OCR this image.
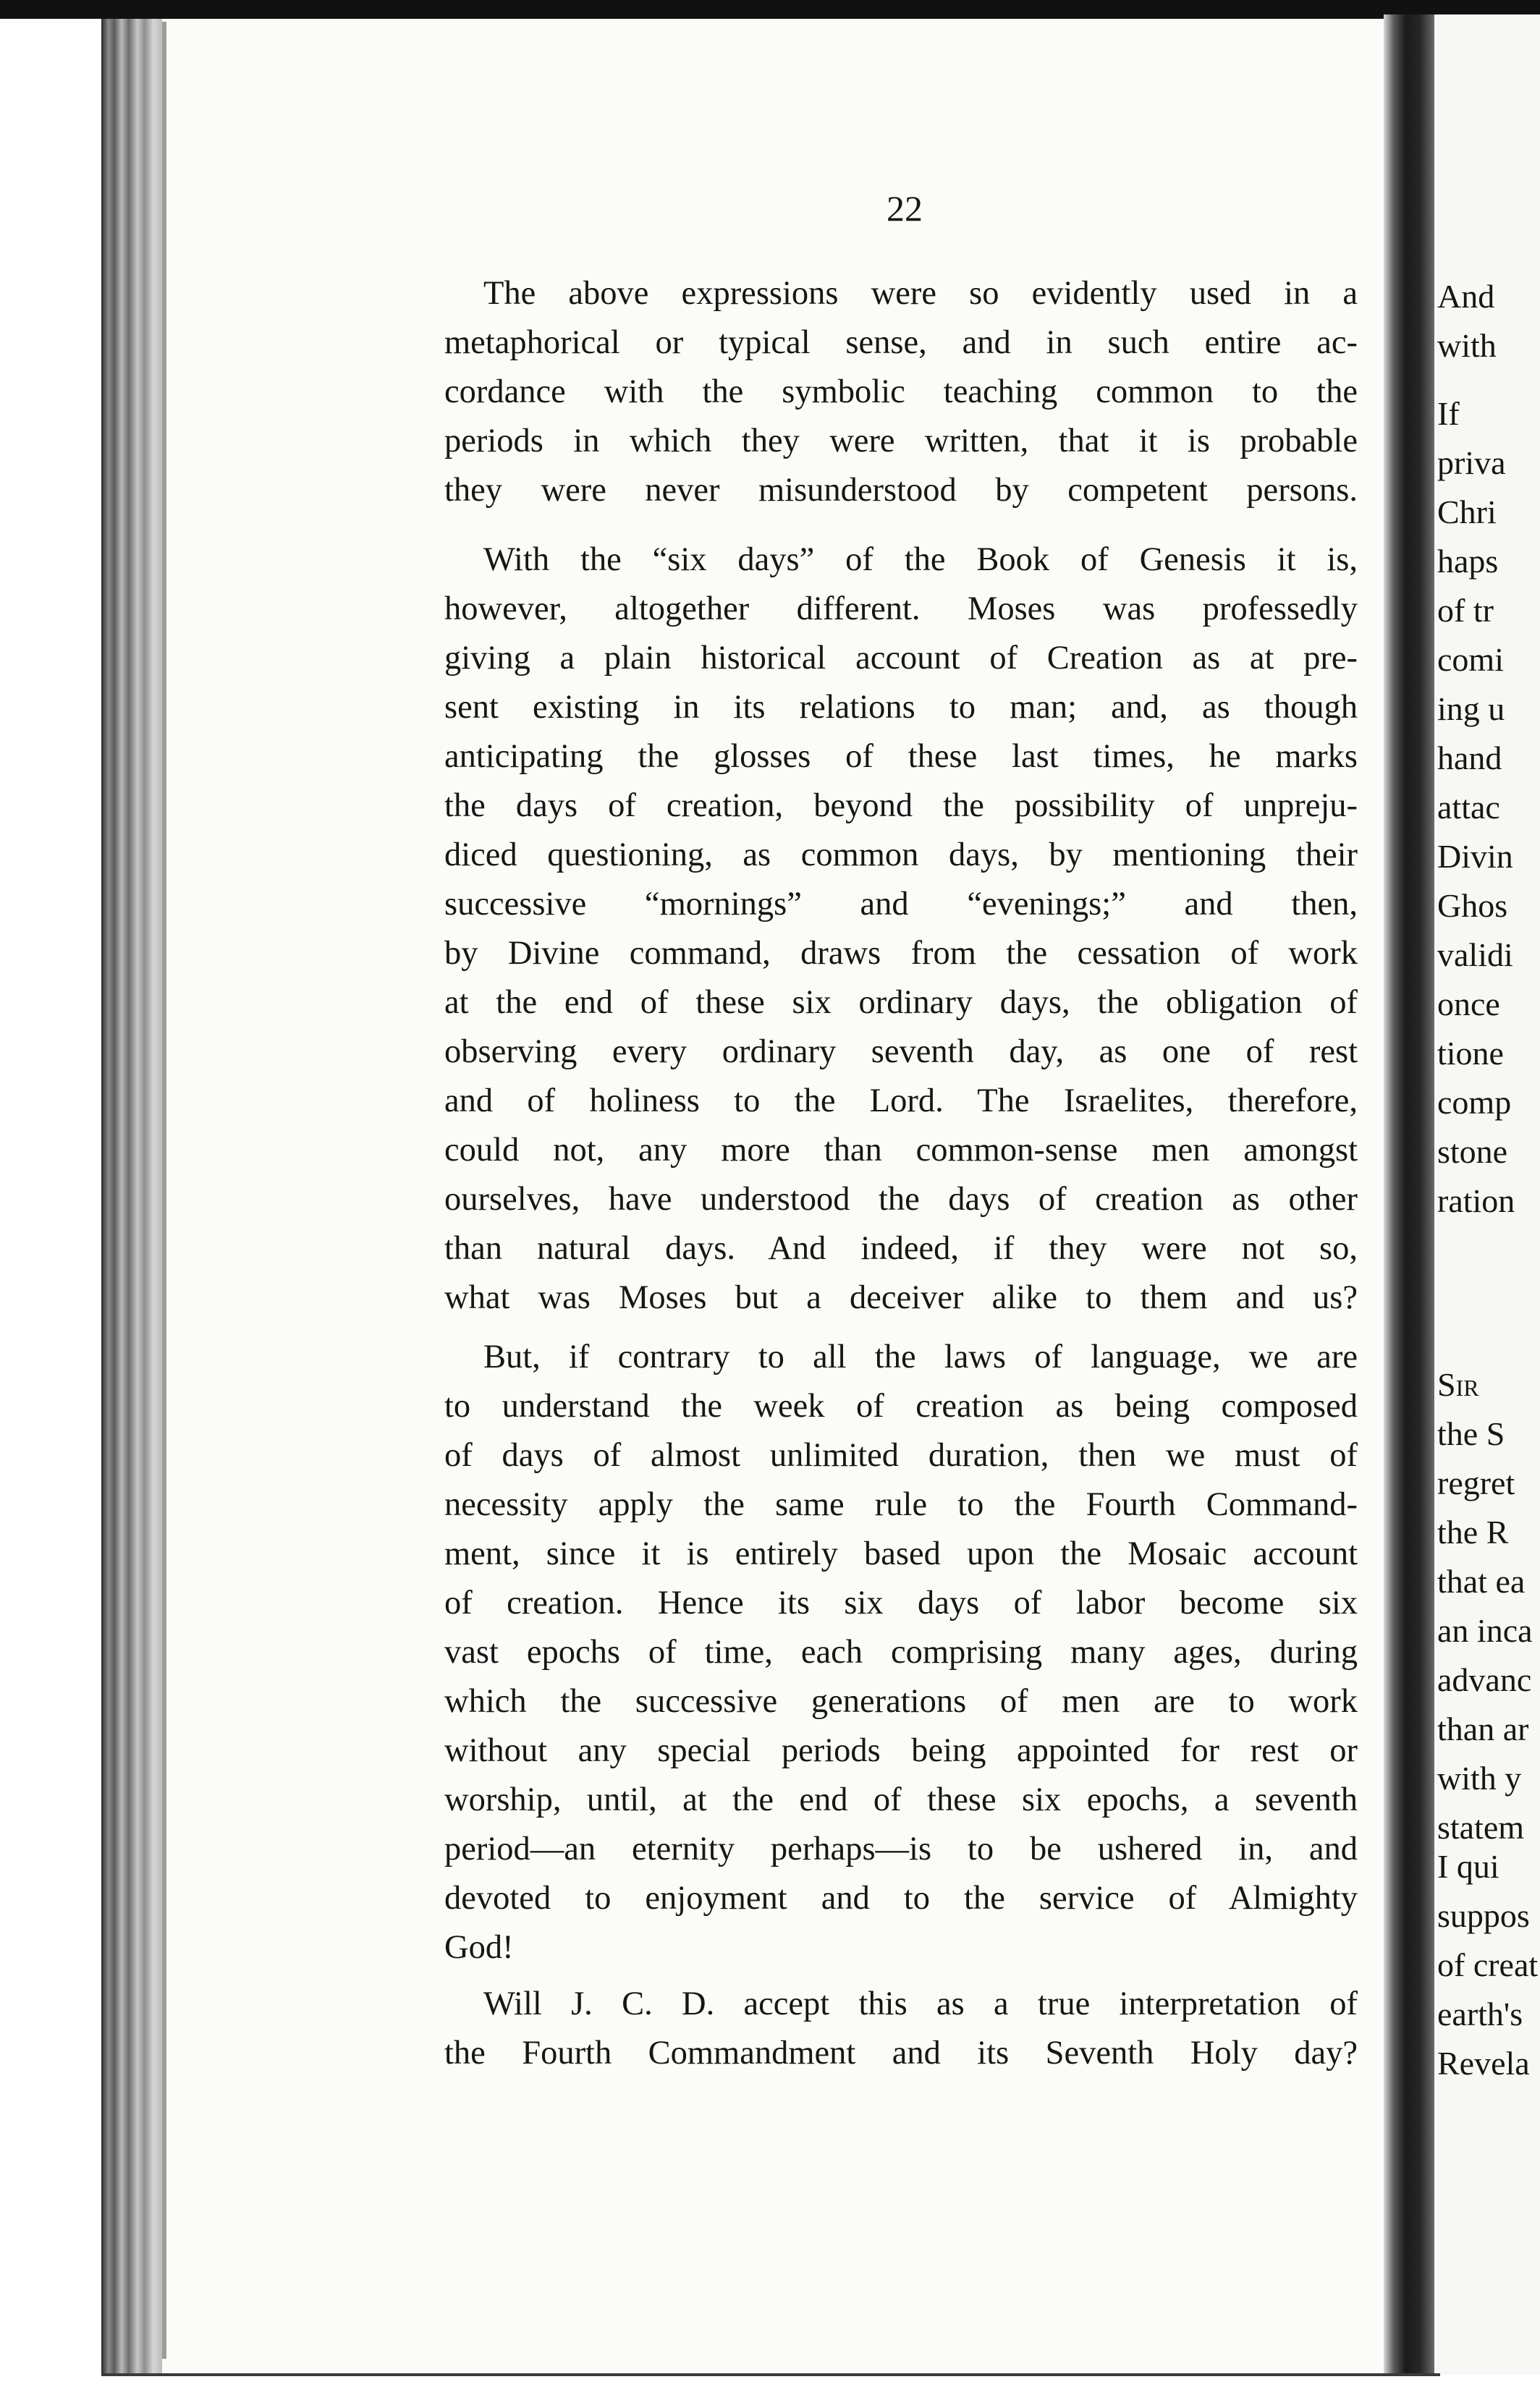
22
The above expressions were so evidently used in a
metaphorical or typical sense, and in such entire ac-
cordance with the symbolic teaching common to the
periods in which they were written, that it is probable
they were never misunderstood by competent persons.
With the “six days” of the Book of Genesis it is,
however, altogether different. Moses was professedly
giving a plain historical account of Creation as at pre-
sent existing in its relations to man; and, as though
anticipating the glosses of these last times, he marks
the days of creation, beyond the possibility of unpreju-
diced questioning, as common days, by mentioning their
successive “mornings” and “evenings;” and then,
by Divine command, draws from the cessation of work
at the end of these six ordinary days, the obligation of
observing every ordinary seventh day, as one of rest
and of holiness to the Lord. The Israelites, therefore,
could not, any more than common-sense men amongst
ourselves, have understood the days of creation as other
than natural days. And indeed, if they were not so,
what was Moses but a deceiver alike to them and us?
But, if contrary to all the laws of language, we are
to understand the week of creation as being composed
of days of almost unlimited duration, then we must of
necessity apply the same rule to the Fourth Command-
ment, since it is entirely based upon the Mosaic account
of creation. Hence its six days of labor become six
vast epochs of time, each comprising many ages, during
which the successive generations of men are to work
without any special periods being appointed for rest or
worship, until, at the end of these six epochs, a seventh
period—an eternity perhaps—is to be ushered in, and
devoted to enjoyment and to the service of Almighty
God!
Will J. C. D. accept this as a true interpretation of
the Fourth Commandment and its Seventh Holy day?
And
with
If
priva
Chri
haps
of tr
comi
ing u
hand
attac
Divin
Ghos
validi
once
tione
comp
stone
ration
Sir
the S
regret
the R
that ea
an inca
advanc
than ar
with y
statem
I qui
suppos
of creat
earth's
Revela
